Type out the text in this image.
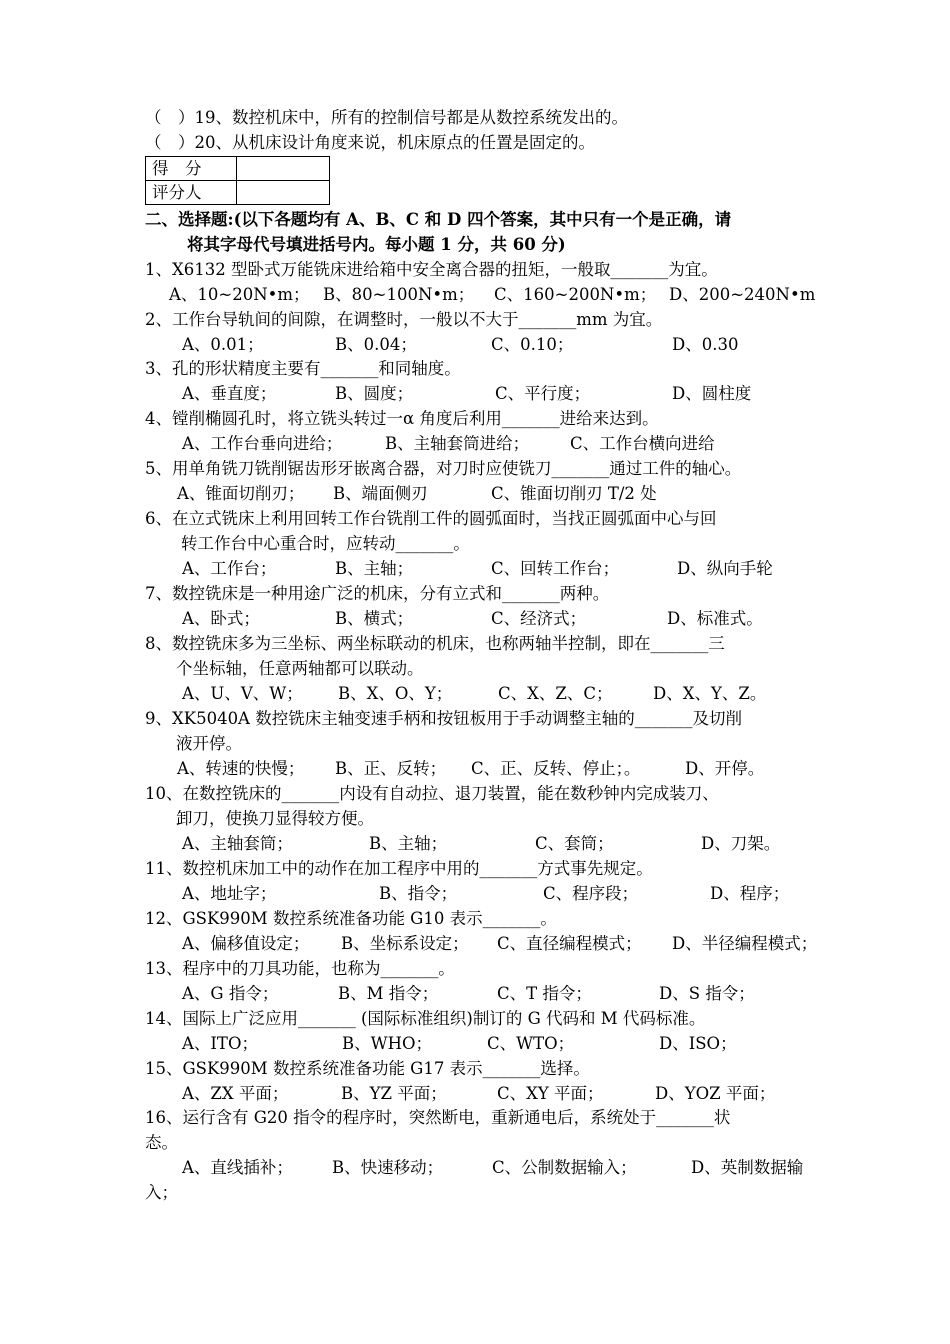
（　）19、数控机床中，所有的控制信号都是从数控系统发出的。
（　）20、从机床设计角度来说，机床原点的任置是固定的。
得　分	
评分人	
二、选择题:(以下各题均有 A、B、C 和 D 四个答案，其中只有一个是正确，请
将其字母代号填进括号内。每小题 1 分，共 60 分)
1、X6132 型卧式万能铣床进给箱中安全离合器的扭矩，一般取_______为宜。
A、10~20N•m； B、80~100N•m； C、160~200N•m； D、200~240N•m
2、工作台导轨间的间隙，在调整时，一般以不大于_______mm 为宜。
A、0.01；	B、0.04；	C、0.10；	D、0.30
3、孔的形状精度主要有_______和同轴度。
A、垂直度；	B、圆度；	C、平行度；	D、圆柱度
4、镗削椭圆孔时，将立铣头转过一α 角度后利用_______进给来达到。
A、工作台垂向进给；	B、主轴套筒进给； C、工作台横向进给
5、用单角铣刀铣削锯齿形牙嵌离合器，对刀时应使铣刀_______通过工件的轴心。
A、锥面切削刃； B、端面侧刃	C、锥面切削刃 T/2 处
6、在立式铣床上利用回转工作台铣削工件的圆弧面时，当找正圆弧面中心与回
转工作台中心重合时，应转动_______。
A、工作台；	B、主轴；	C、回转工作台；	D、纵向手轮
7、数控铣床是一种用途广泛的机床，分有立式和_______两种。
A、卧式；	B、横式；	C、经济式；	D、标准式。
8、数控铣床多为三坐标、两坐标联动的机床，也称两轴半控制，即在_______三
个坐标轴，任意两轴都可以联动。
A、U、V、W； B、X、O、Y；	C、X、Z、C； D、X、Y、Z。
9、XK5040A 数控铣床主轴变速手柄和按钮板用于手动调整主轴的_______及切削
液开停。
A、转速的快慢； B、正、反转； C、正、反转、停止；。	D、开停。
10、在数控铣床的_______内设有自动拉、退刀装置，能在数秒钟内完成装刀、
卸刀，使换刀显得较方便。
A、主轴套筒；	B、主轴；	C、套筒；	D、刀架。
11、数控机床加工中的动作在加工程序中用的_______方式事先规定。
A、地址字；	B、指令；	C、程序段；	D、程序；
12、GSK990M 数控系统准备功能 G10 表示_______。
A、偏移值设定； B、坐标系设定； C、直径编程模式； D、半径编程模式；
13、程序中的刀具功能，也称为_______。
A、G 指令；	B、M 指令；	C、T 指令；	D、S 指令；
14、国际上广泛应用_______ (国际标准组织)制订的 G 代码和 M 代码标准。
A、ITO；	B、WHO；	C、WTO；	D、ISO；
15、GSK990M 数控系统准备功能 G17 表示_______选择。
A、ZX 平面；	B、YZ 平面；	C、XY 平面；	D、YOZ 平面；
16、运行含有 G20 指令的程序时，突然断电，重新通电后，系统处于_______状
态。
A、直线插补； B、快速移动；	C、公制数据输入；	D、英制数据输
入；
